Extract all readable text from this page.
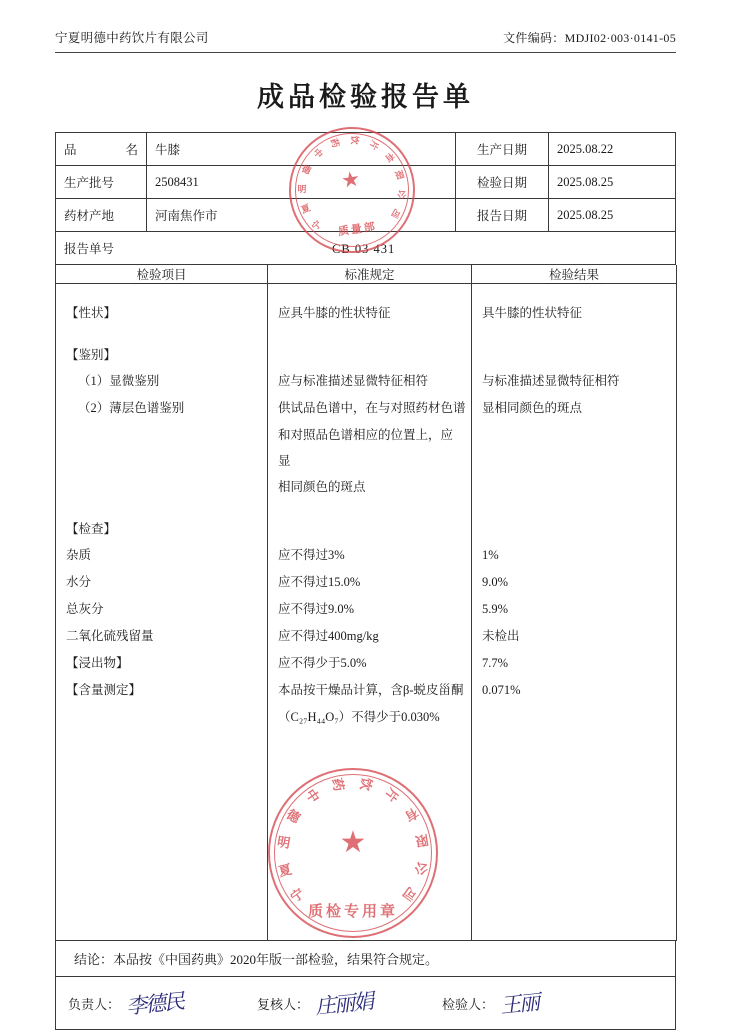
宁夏明德中药饮片有限公司	文件编码：MDJI02·003·0141-05
成品检验报告单
品　名	牛膝	生产日期	2025.08.22
生产批号	2508431	检验日期	2025.08.25
药材产地	河南焦作市	报告日期	2025.08.25
报告单号 CB 03 431			
检验项目	标准规定	检验结果

【性状】	应具牛膝的性状特征	具牛膝的性状特征

【鉴别】		
（1）显微鉴别	应与标准描述显微特征相符	与标准描述显微特征相符
（2）薄层色谱鉴别	供试品色谱中，在与对照药材色谱	显相同颜色的斑点
	和对照品色谱相应的位置上，应显	
	相同颜色的斑点	

【检查】		
杂质	应不得过3%	1%
水分	应不得过15.0%	9.0%
总灰分	应不得过9.0%	5.9%
二氧化硫残留量	应不得过400mg/kg	未检出
【浸出物】	应不得少于5.0%	7.7%
【含量测定】	本品按干燥品计算，含β-蜕皮甾酮	0.071%
	（C₂₇H₄₄O₇）不得少于0.030%	

结论：本品按《中国药典》2020年版一部检验，结果符合规定。
负责人： 李德民	复核人： 庄丽娟	检验人： 王丽
宁
夏
明
德
中
药 饮 片
有
限
公
司
★
质量部
宁
夏
明
德
中
药 饮
片
有
限
公
司
★
质检专用章
